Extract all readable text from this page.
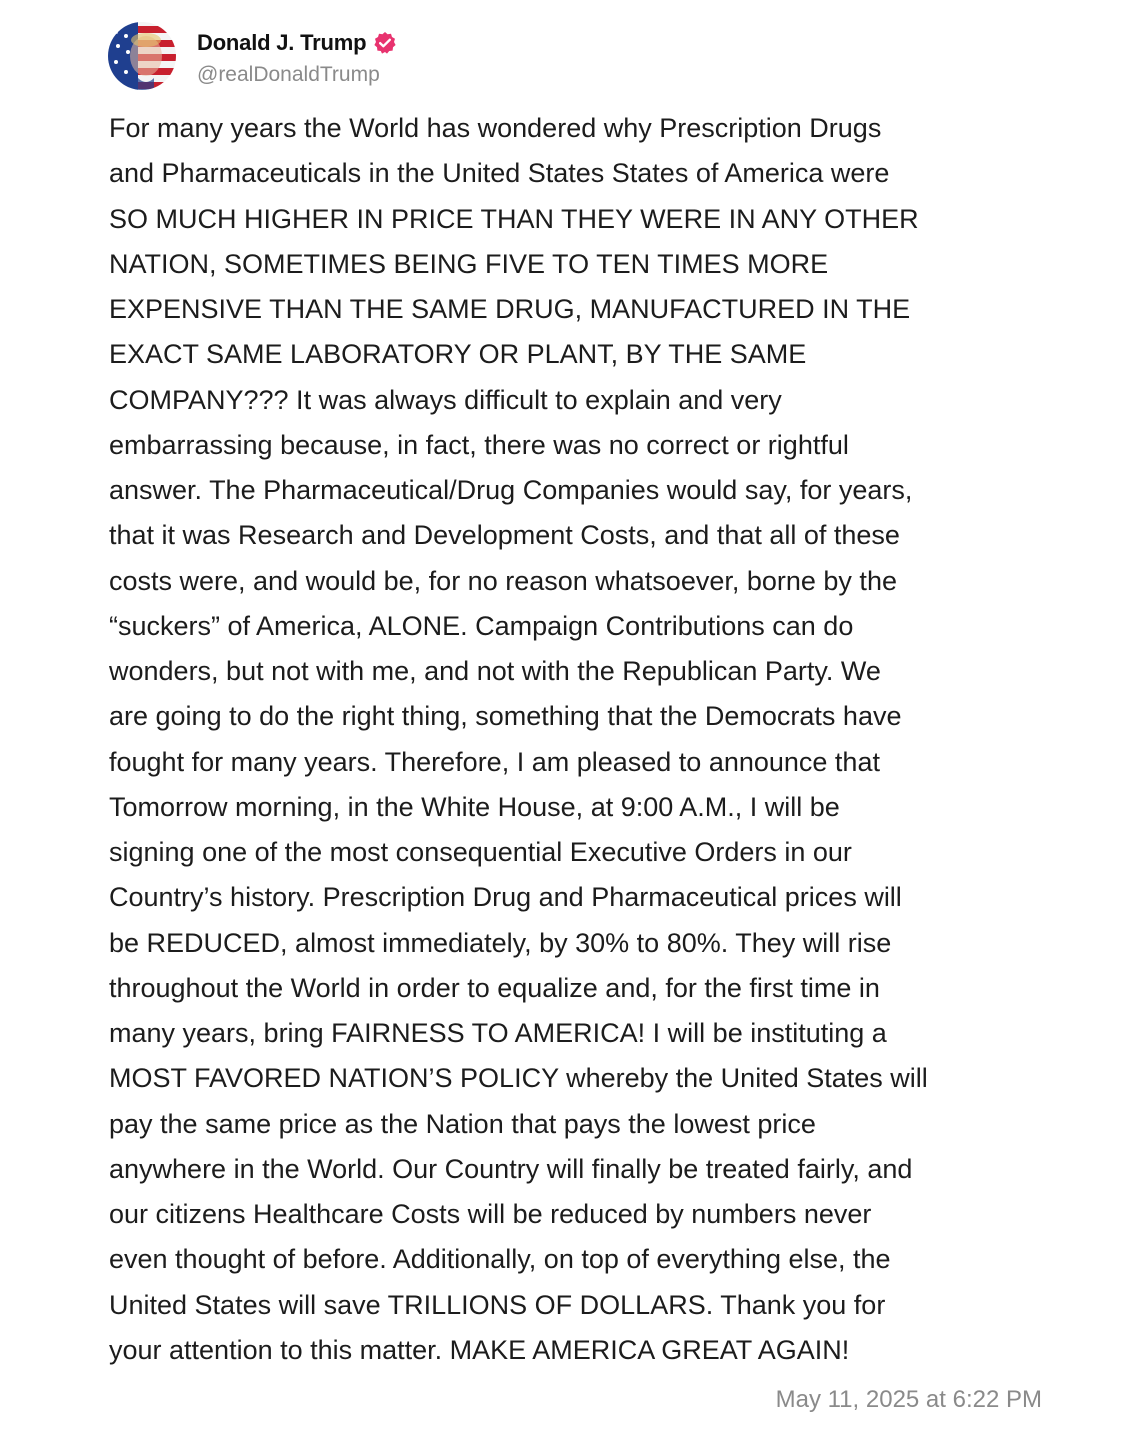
Donald J. Trump
@realDonaldTrump

For many years the World has wondered why Prescription Drugs
and Pharmaceuticals in the United States States of America were
SO MUCH HIGHER IN PRICE THAN THEY WERE IN ANY OTHER
NATION, SOMETIMES BEING FIVE TO TEN TIMES MORE
EXPENSIVE THAN THE SAME DRUG, MANUFACTURED IN THE
EXACT SAME LABORATORY OR PLANT, BY THE SAME
COMPANY??? It was always difficult to explain and very
embarrassing because, in fact, there was no correct or rightful
answer. The Pharmaceutical/Drug Companies would say, for years,
that it was Research and Development Costs, and that all of these
costs were, and would be, for no reason whatsoever, borne by the
“suckers” of America, ALONE. Campaign Contributions can do
wonders, but not with me, and not with the Republican Party. We
are going to do the right thing, something that the Democrats have
fought for many years. Therefore, I am pleased to announce that
Tomorrow morning, in the White House, at 9:00 A.M., I will be
signing one of the most consequential Executive Orders in our
Country’s history. Prescription Drug and Pharmaceutical prices will
be REDUCED, almost immediately, by 30% to 80%. They will rise
throughout the World in order to equalize and, for the first time in
many years, bring FAIRNESS TO AMERICA! I will be instituting a
MOST FAVORED NATION’S POLICY whereby the United States will
pay the same price as the Nation that pays the lowest price
anywhere in the World. Our Country will finally be treated fairly, and
our citizens Healthcare Costs will be reduced by numbers never
even thought of before. Additionally, on top of everything else, the
United States will save TRILLIONS OF DOLLARS. Thank you for
your attention to this matter. MAKE AMERICA GREAT AGAIN!

May 11, 2025 at 6:22 PM
